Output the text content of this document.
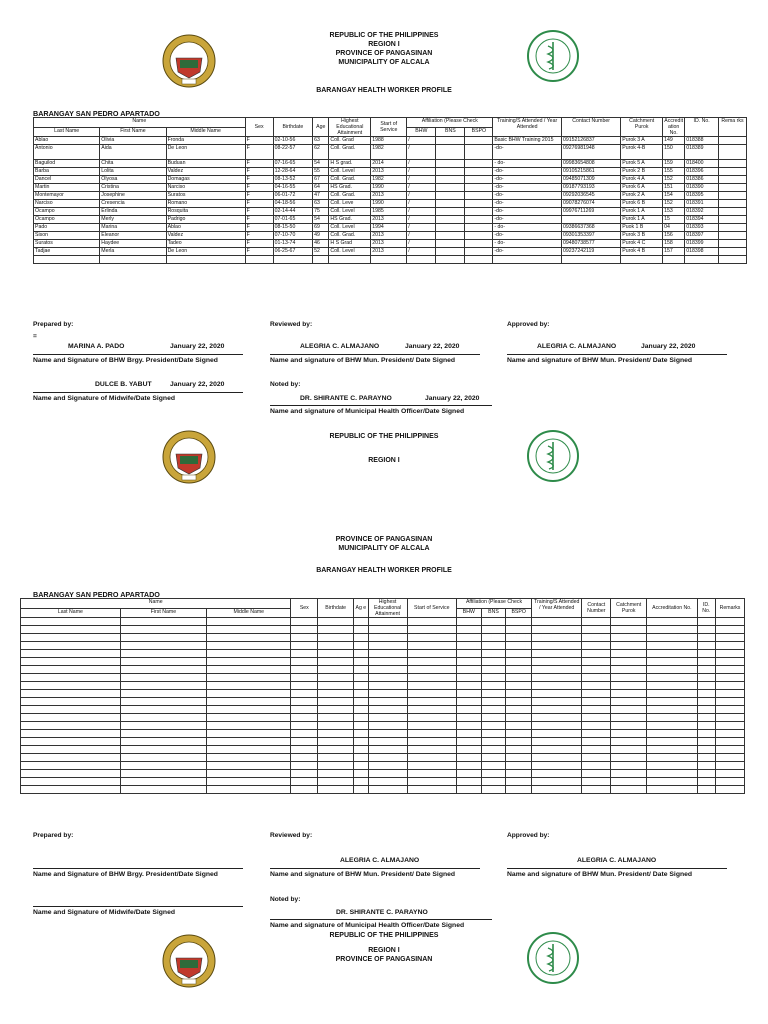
REPUBLIC OF THE PHILIPPINES
REGION I
PROVINCE OF PANGASINAN
MUNICIPALITY OF ALCALA
BARANGAY HEALTH WORKER PROFILE
BARANGAY SAN PEDRO APARTADO
Name			Sex	Birthdate	Age	Highest Educational Attainment	Start of Service	Affiliation (Please Check			Training/S Attended / Year Attended	Contact Number	Catchment Purok	Accredit ation No.	ID. No.	Rema rks
Last Name	First Name	Middle Name						BHW	BNS	BSPO						
Ablao	Olivia	Fronda	F	02-10-56	63	Coll. Grad	1988	/			Basic BHW Training 2015	09152126837	Purok 3 A	149	018388	
Antonio	Aida	De Leon	F	08-22-57	62	Coll. Grad.	1982	/			-do-	09276981948	Purok 4-B	150	018389	
Baguilod	Chita	Buduan	F	07-16-65	54	H S grad.	2014	/			- do-	09983654808	Purok 5 A	159	018400	
Barba	Lolita	Valdez	F	12-28-64	55	Coll. Level	2013	/			-do-	09105215861	Purok 2 B	155	018396	
Dancel	Olyosa	Domagas	F	08-13-52	67	Coll. Grad.	1982	/			-do-	09485071309	Purok 4 A	152	018386	
Martin	Cristina	Narciso	F	04-16-55	64	HS Grad.	1990	/			-do-	09187793193	Purok 6 A	151	018390	
Montemayor	Josephine	Suratos	F	06-01-72	47	Coll. Grad.	2013	/			-do-	09292036545	Purok 2 A	154	018395	
Narciso	Cresencia	Romano	F	04-18-56	63	Coll. Leve	1990	/			-do-	09078276074	Purok 6 B	152	018391	
Ocampo	Erlinda	Rosquita	F	02-14-44	75	Coll. Level	1985	/			-do-	09976711269	Purok 1 A	153	018392	
Ocampo	Merly	Padrigo	F	07-01-65	54	HS Grad.	2013	/			-do-		Purok 1 A	15	018394	
Pado	Marina	Ablao	F	08-15-50	69	Coll. Level	1994	/			- do-	09386637368	Puok 1 B	04	018393	
Sison	Eleanor	Valdez	F	07-10-70	49	Coll. Grad.	2013	/			-do-	09301353397	Purok 3 B	156	018397	
Suratos	Haydee	Tadeo	F	01-13-74	46	H S Grad	2013	/			- do-	09480738577	Purok 4 C	158	018399	
Tadjae	Merla	De Leon	F	06-25-67	52	Coll. Level	2013	/			-do-	09237242119	Purok 4 B	157	018398	

Prepared by:
=
Reviewed by:	Approved by:
MARINA A. PADO	January 22, 2020
Name and Signature of BHW Brgy. President/Date Signed
ALEGRIA C. ALMAJANO	January 22, 2020
Name and signature of BHW Mun. President/ Date Signed
ALEGRIA C. ALMAJANO	January 22, 2020
Name and signature of BHW Mun. President/ Date Signed
DULCE B. YABUT	January 22, 2020
Name and Signature of Midwife/Date Signed
Noted by:
DR. SHIRANTE C. PARAYNO	January 22, 2020
Name and signature of Municipal Health Officer/Date Signed
REPUBLIC OF THE PHILIPPINES
REGION I
PROVINCE OF PANGASINAN
MUNICIPALITY OF ALCALA
BARANGAY HEALTH WORKER PROFILE
BARANGAY SAN PEDRO APARTADO
Name			Sex	Birthdate	Ag e	Highest Educational Attainment	Start of Service	Affiliation (Please Check			Training/S Attended / Year Attended	Contact Number	Catchment Purok	Accreditation No.	ID. No.	Remarks
Last Name	First Name	Middle Name						BHW	BNS	BSPO						

Prepared by:	Reviewed by:	Approved by:
Name and Signature of BHW Brgy. President/Date Signed
ALEGRIA C. ALMAJANO
Name and signature of BHW Mun. President/ Date Signed
ALEGRIA C. ALMAJANO
Name and signature of BHW Mun. President/ Date Signed
Name and Signature of Midwife/Date Signed
Noted by:
DR. SHIRANTE C. PARAYNO
Name and signature of Municipal Health Officer/Date Signed
REPUBLIC OF THE PHILIPPINES
REGION I
PROVINCE OF PANGASINAN
